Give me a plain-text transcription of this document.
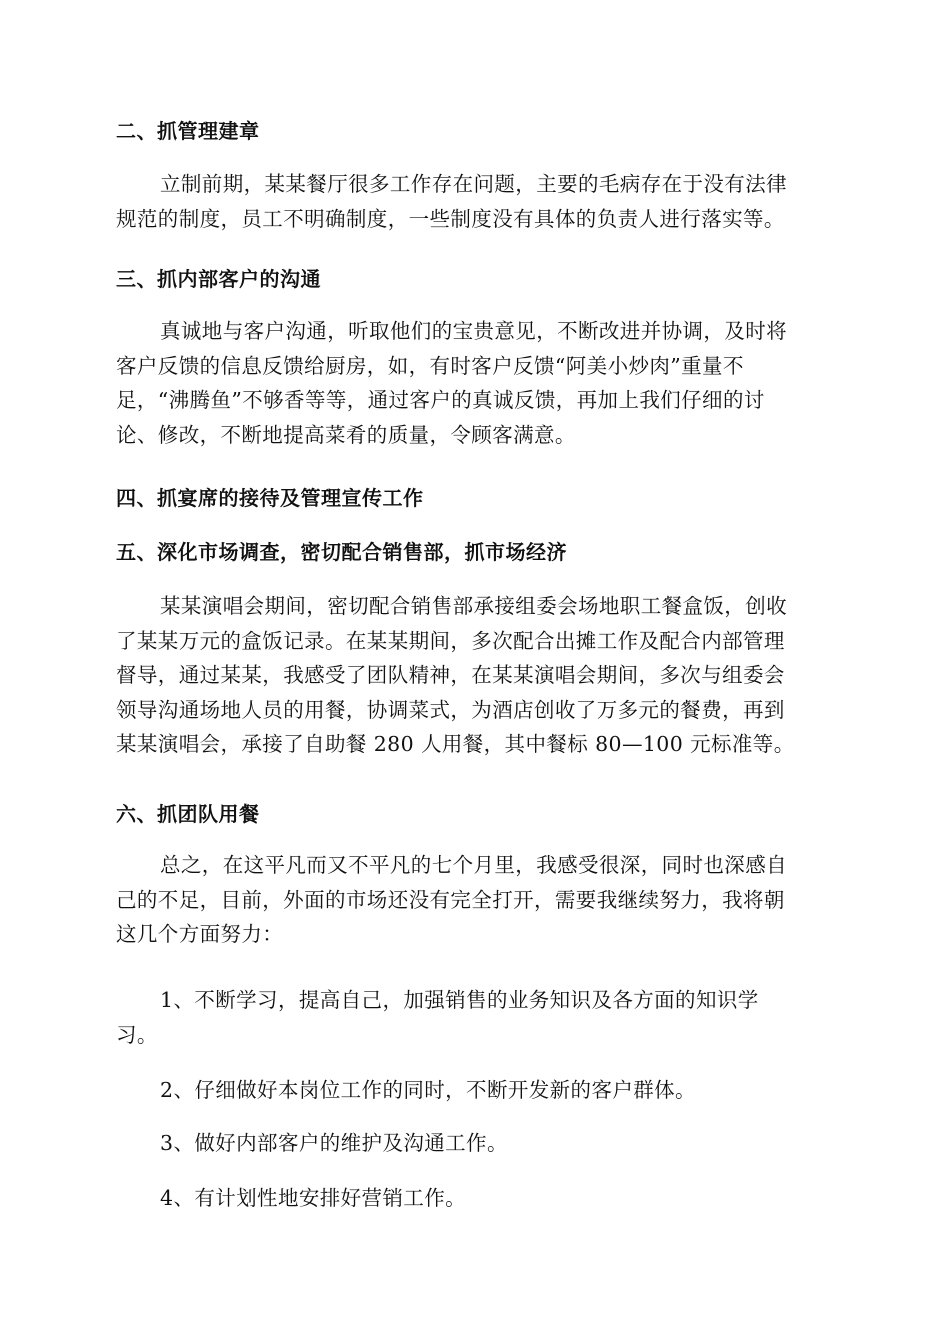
二、抓管理建章
立制前期，某某餐厅很多工作存在问题，主要的毛病存在于没有法律
规范的制度，员工不明确制度，一些制度没有具体的负责人进行落实等。
三、抓内部客户的沟通
真诚地与客户沟通，听取他们的宝贵意见，不断改进并协调，及时将
客户反馈的信息反馈给厨房，如，有时客户反馈“阿美小炒肉”重量不
足，“沸腾鱼”不够香等等，通过客户的真诚反馈，再加上我们仔细的讨
论、修改，不断地提高菜肴的质量，令顾客满意。
四、抓宴席的接待及管理宣传工作
五、深化市场调查，密切配合销售部，抓市场经济
某某演唱会期间，密切配合销售部承接组委会场地职工餐盒饭，创收
了某某万元的盒饭记录。在某某期间，多次配合出摊工作及配合内部管理
督导，通过某某，我感受了团队精神，在某某演唱会期间，多次与组委会
领导沟通场地人员的用餐，协调菜式，为酒店创收了万多元的餐费，再到
某某演唱会，承接了自助餐 280 人用餐，其中餐标 80—100 元标准等。
六、抓团队用餐
总之，在这平凡而又不平凡的七个月里，我感受很深，同时也深感自
己的不足，目前，外面的市场还没有完全打开，需要我继续努力，我将朝
这几个方面努力：
1、不断学习，提高自己，加强销售的业务知识及各方面的知识学
习。
2、仔细做好本岗位工作的同时，不断开发新的客户群体。
3、做好内部客户的维护及沟通工作。
4、有计划性地安排好营销工作。
